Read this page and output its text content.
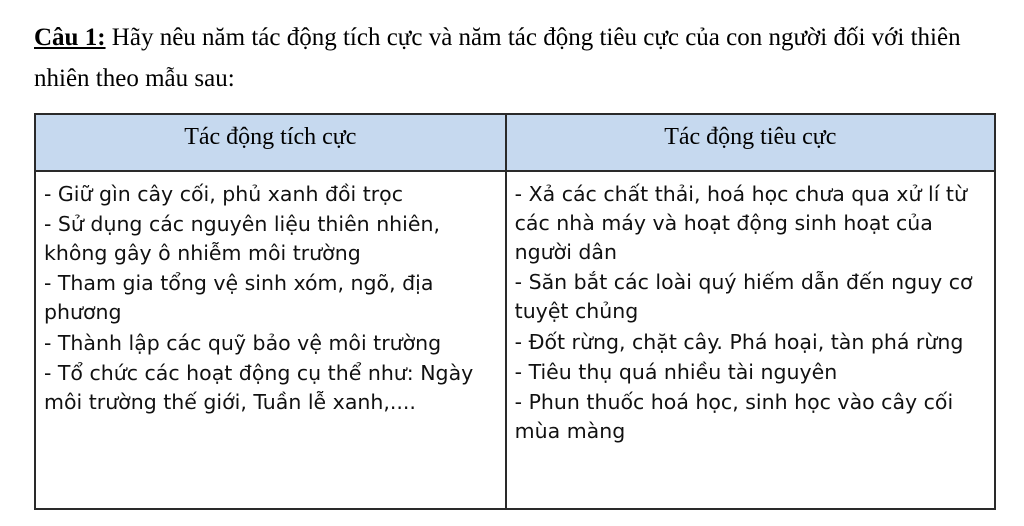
Câu 1: Hãy nêu năm tác động tích cực và năm tác động tiêu cực của con người đối với thiên nhiên theo mẫu sau:

Tác động tích cực	Tác động tiêu cực

- Giữ gìn cây cối, phủ xanh đồi trọc
- Sử dụng các nguyên liệu thiên nhiên, không gây ô nhiễm môi trường
- Tham gia tổng vệ sinh xóm, ngõ, địa phương
- Thành lập các quỹ bảo vệ môi trường
- Tổ chức các hoạt động cụ thể như: Ngày môi trường thế giới, Tuần lễ xanh,....

- Xả các chất thải, hoá học chưa qua xử lí từ các nhà máy và hoạt động sinh hoạt của người dân
- Săn bắt các loài quý hiếm dẫn đến nguy cơ tuyệt chủng
- Đốt rừng, chặt cây. Phá hoại, tàn phá rừng
- Tiêu thụ quá nhiều tài nguyên
- Phun thuốc hoá học, sinh học vào cây cối mùa màng
